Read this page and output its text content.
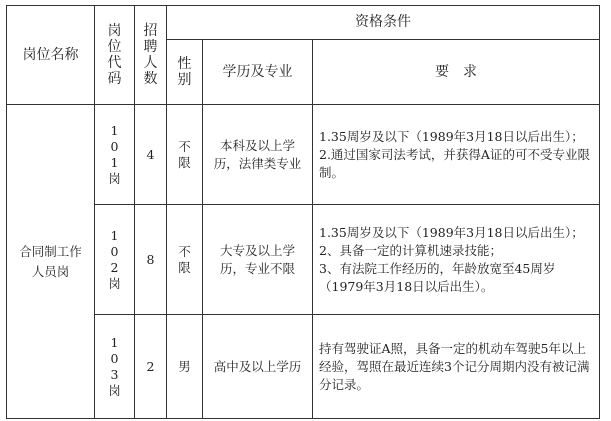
岗位名称	岗位代码	招聘人数	资格条件		

			性别	学历及专业	要　求

合同制工作人员岗	101岗	4	不限	本科及以上学历，法律类专业	1.35周岁及以下（1989年3月18日以后出生）；
2.通过国家司法考试，并获得A证的可不受专业限制。

	102岗	8	不限	大专及以上学历，专业不限	1.35周岁及以下（1989年3月18日以后出生）；
2、具备一定的计算机速录技能；
3、有法院工作经历的，年龄放宽至45周岁（1979年3月18日以后出生）。

	103岗	2	男	高中及以上学历	持有驾驶证A照，具备一定的机动车驾驶5年以上经验，驾照在最近连续3个记分周期内没有被记满分记录。
